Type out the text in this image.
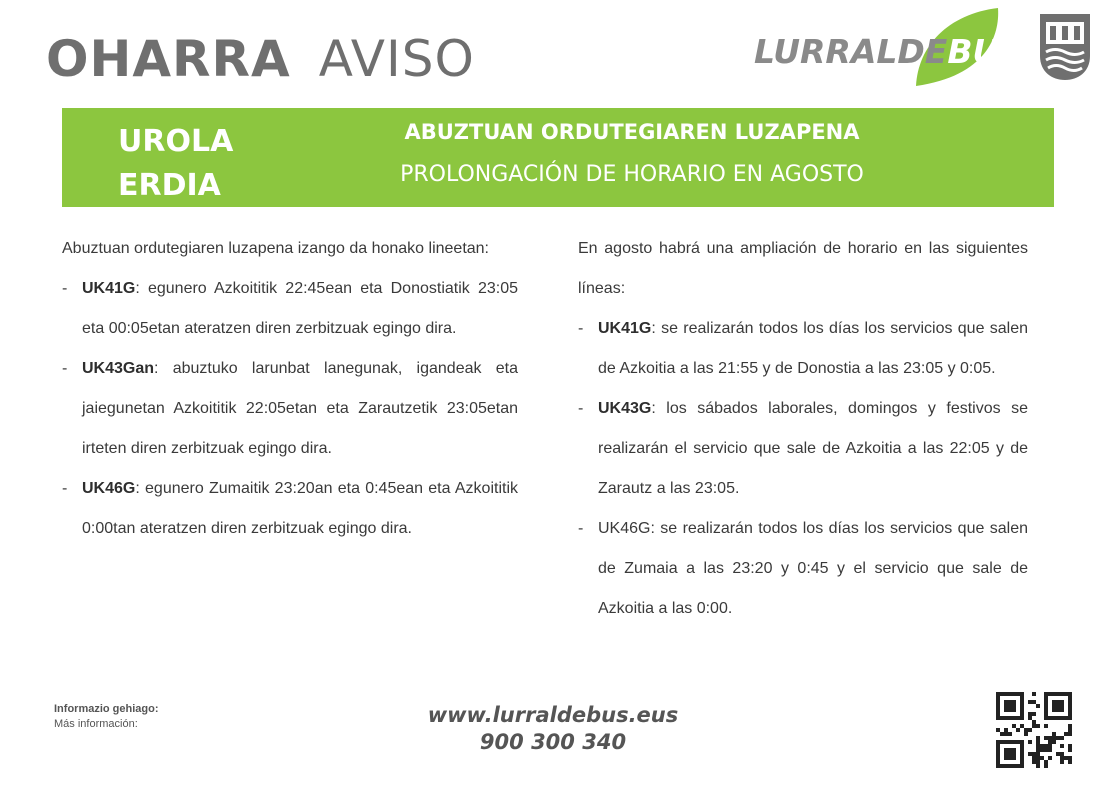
OHARRA AVISO	LURRALDEBUS
UROLA
ERDIA
ABUZTUAN ORDUTEGIAREN LUZAPENA
PROLONGACIÓN DE HORARIO EN AGOSTO

Abuztuan ordutegiaren luzapena izango da honako lineetan:

- UK41G: egunero Azkoititik 22:45ean eta Donostiatik 23:05 eta 00:05etan ateratzen diren zerbitzuak egingo dira.
- UK43Gan: abuztuko larunbat lanegunak, igandeak eta jaiegunetan Azkoititik 22:05etan eta Zarautzetik 23:05etan irteten diren zerbitzuak egingo dira.
- UK46G: egunero Zumaitik 23:20an eta 0:45ean eta Azkoititik 0:00tan ateratzen diren zerbitzuak egingo dira.

En agosto habrá una ampliación de horario en las siguientes líneas:

- UK41G: se realizarán todos los días los servicios que salen de Azkoitia a las 21:55 y de Donostia a las 23:05 y 0:05.
- UK43G: los sábados laborales, domingos y festivos se realizarán el servicio que sale de Azkoitia a las 22:05 y de Zarautz a las 23:05.
- UK46G: se realizarán todos los días los servicios que salen de Zumaia a las 23:20 y 0:45 y el servicio que sale de Azkoitia a las 0:00.
Informazio gehiago:
Más información:	www.lurraldebus.eus
900 300 340
